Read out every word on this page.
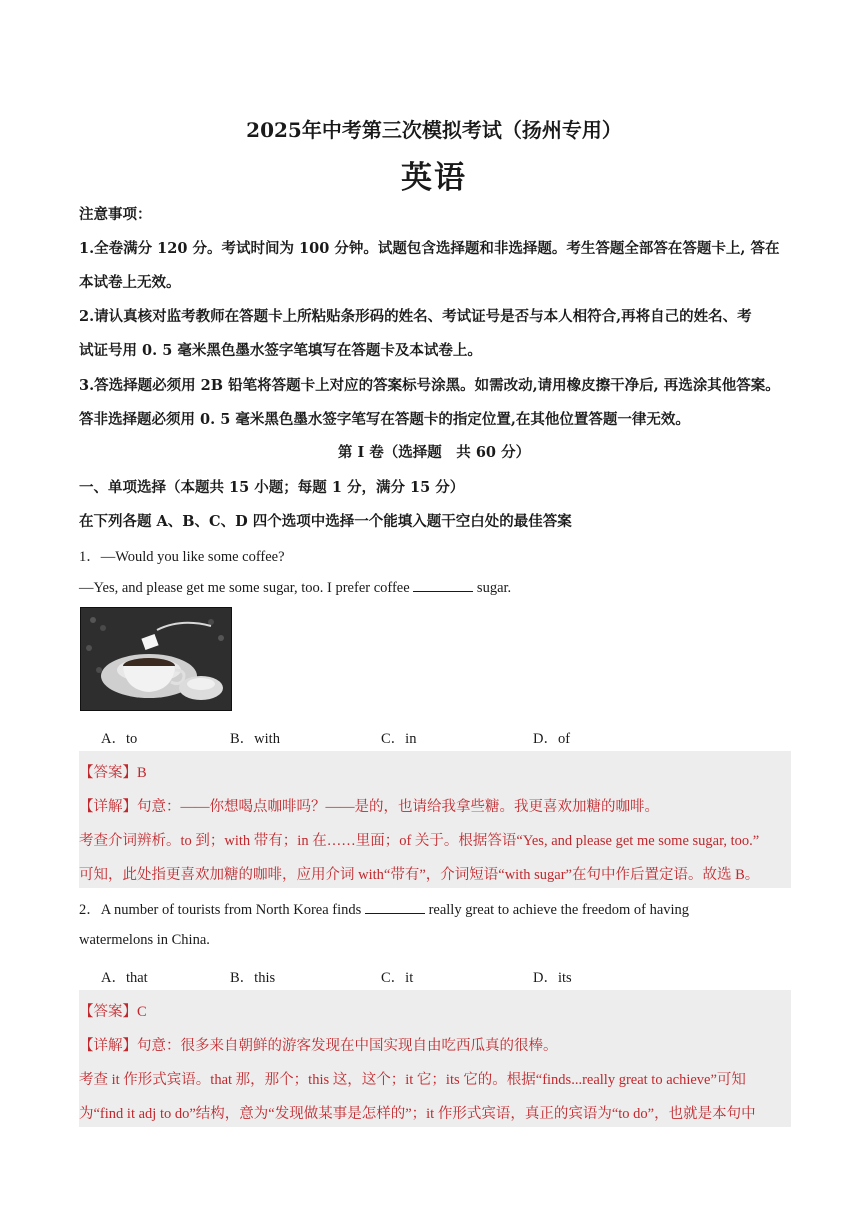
2025年中考第三次模拟考试（扬州专用）
英语
注意事项：
1.全卷满分 120 分。考试时间为 100 分钟。试题包含选择题和非选择题。考生答题全部答在答题卡上, 答在
本试卷上无效。
2.请认真核对监考教师在答题卡上所粘贴条形码的姓名、考试证号是否与本人相符合,再将自己的姓名、考
试证号用 0. 5 毫米黑色墨水签字笔填写在答题卡及本试卷上。
3.答选择题必须用 2B 铅笔将答题卡上对应的答案标号涂黑。如需改动,请用橡皮擦干净后, 再选涂其他答案。
答非选择题必须用 0. 5 毫米黑色墨水签字笔写在答题卡的指定位置,在其他位置答题一律无效。
第 I 卷（选择题　共 60 分）
一、单项选择（本题共 15 小题；每题 1 分，满分 15 分）
在下列各题 A、B、C、D 四个选项中选择一个能填入题干空白处的最佳答案
1．—Would you like some coffee?
—Yes, and please get me some sugar, too. I prefer coffee	sugar.
A．to	B．with	C．in	D．of
【答案】B
【详解】句意：——你想喝点咖啡吗？——是的，也请给我拿些糖。我更喜欢加糖的咖啡。
考查介词辨析。to 到；with 带有；in 在……里面；of 关于。根据答语“Yes, and please get me some sugar, too.”
可知，此处指更喜欢加糖的咖啡，应用介词 with“带有”，介词短语“with sugar”在句中作后置定语。故选 B。
2．A number of tourists from North Korea finds	really great to achieve the freedom of having
watermelons in China.
A．that	B．this	C．it	D．its
【答案】C
【详解】句意：很多来自朝鲜的游客发现在中国实现自由吃西瓜真的很棒。
考查 it 作形式宾语。that 那，那个；this 这，这个；it 它；its 它的。根据“finds...really great to achieve”可知
为“find it adj to do”结构，意为“发现做某事是怎样的”；it 作形式宾语，真正的宾语为“to do”，也就是本句中
